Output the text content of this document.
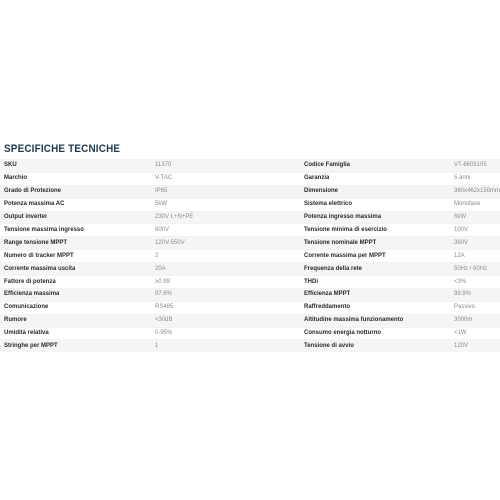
SPECIFICHE TECNICHE
SKU	11370	Codice Famiglia	VT-6605105
Marchio	V-TAC	Garanzia	5 anni
Grado di Protezione	IP65	Dimensione	360x462x150mm
Potenza massima AC	5kW	Sistema elettrico	Monofase
Output inverter	230V L+N+PE	Potenza ingresso massima	6kW
Tensione massima ingresso	600V	Tensione minima di esercizio	100V
Range tensione MPPT	120V-550V	Tensione nominale MPPT	360V
Numero di tracker MPPT	2	Corrente massima per MPPT	12A
Corrente massima uscita	20A	Frequenza della rete	50Hz / 60Hz
Fattore di potenza	≥0.99	THDi	<3%
Efficienza massima	97.6%	Efficienza MPPT	99.9%
Comunicazione	RS485	Raffreddamento	Passivo
Rumore	<30dB	Altitudine massima funzionamento	3000m
Umidità relativa	0-95%	Consumo energia notturno	<1W
Stringhe per MPPT	1	Tensione di avvio	120V
